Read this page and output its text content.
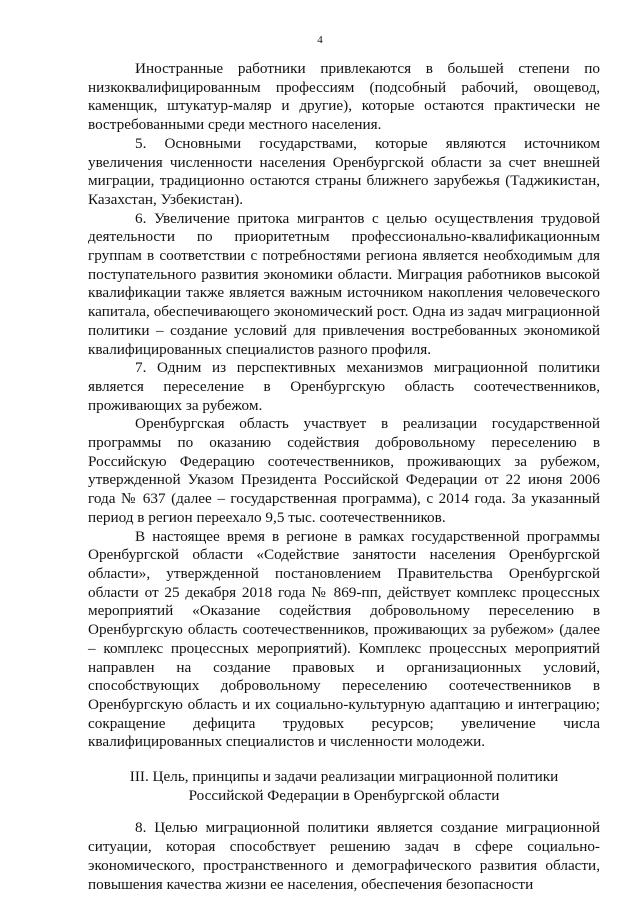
4

Иностранные работники привлекаются в большей степени по низкоквалифицированным профессиям (подсобный рабочий, овощевод, каменщик, штукатур-маляр и другие), которые остаются практически не востребованными среди местного населения.

5. Основными государствами, которые являются источником увеличения численности населения Оренбургской области за счет внешней миграции, традиционно остаются страны ближнего зарубежья (Таджикистан, Казахстан, Узбекистан).

6. Увеличение притока мигрантов с целью осуществления трудовой деятельности по приоритетным профессионально-квалификационным группам в соответствии с потребностями региона является необходимым для поступательного развития экономики области. Миграция работников высокой квалификации также является важным источником накопления человеческого капитала, обеспечивающего экономический рост. Одна из задач миграционной политики – создание условий для привлечения востребованных экономикой квалифицированных специалистов разного профиля.

7. Одним из перспективных механизмов миграционной политики является переселение в Оренбургскую область соотечественников, проживающих за рубежом.

Оренбургская область участвует в реализации государственной программы по оказанию содействия добровольному переселению в Российскую Федерацию соотечественников, проживающих за рубежом, утвержденной Указом Президента Российской Федерации от 22 июня 2006 года № 637 (далее – государственная программа), с 2014 года. За указанный период в регион переехало 9,5 тыс. соотечественников.

В настоящее время в регионе в рамках государственной программы Оренбургской области «Содействие занятости населения Оренбургской области», утвержденной постановлением Правительства Оренбургской области от 25 декабря 2018 года № 869-пп, действует комплекс процессных мероприятий «Оказание содействия добровольному переселению в Оренбургскую область соотечественников, проживающих за рубежом» (далее – комплекс процессных мероприятий). Комплекс процессных мероприятий направлен на создание правовых и организационных условий, способствующих добровольному переселению соотечественников в Оренбургскую область и их социально-культурную адаптацию и интеграцию; сокращение дефицита трудовых ресурсов; увеличение числа квалифицированных специалистов и численности молодежи.

III. Цель, принципы и задачи реализации миграционной политики
Российской Федерации в Оренбургской области

8. Целью миграционной политики является создание миграционной ситуации, которая способствует решению задач в сфере социально-экономического, пространственного и демографического развития области, повышения качества жизни ее населения, обеспечения безопасности
